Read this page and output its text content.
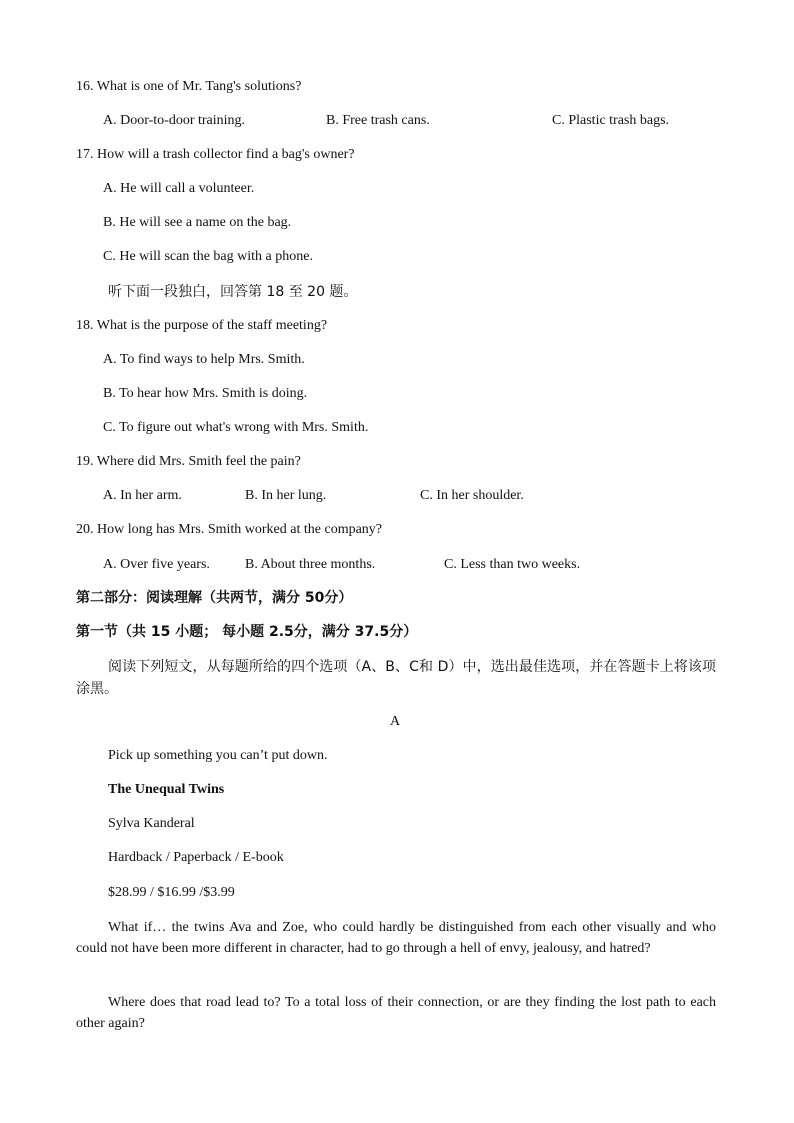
16. What is one of Mr. Tang's solutions?
A. Door-to-door training.	B. Free trash cans.	C. Plastic trash bags.
17. How will a trash collector find a bag's owner?
A. He will call a volunteer.
B. He will see a name on the bag.
C. He will scan the bag with a phone.
听下面一段独白，回答第 18 至 20 题。
18. What is the purpose of the staff meeting?
A. To find ways to help Mrs. Smith.
B. To hear how Mrs. Smith is doing.
C. To figure out what's wrong with Mrs. Smith.
19. Where did Mrs. Smith feel the pain?
A. In her arm.	B. In her lung.	C. In her shoulder.
20. How long has Mrs. Smith worked at the company?
A. Over five years.	B. About three months.	C. Less than two weeks.
第二部分：阅读理解（共两节，满分 50分）
第一节（共 15 小题； 每小题 2.5分，满分 37.5分）
阅读下列短文，从每题所给的四个选项（A、B、C和 D）中，选出最佳选项，并在答题卡上将该项涂黑。
A
Pick up something you can’t put down.
The Unequal Twins
Sylva Kanderal
Hardback / Paperback / E-book
$28.99 / $16.99 /$3.99
What if… the twins Ava and Zoe, who could hardly be distinguished from each other visually and who could not have been more different in character, had to go through a hell of envy, jealousy, and hatred?
Where does that road lead to? To a total loss of their connection, or are they finding the lost path to each other again?
